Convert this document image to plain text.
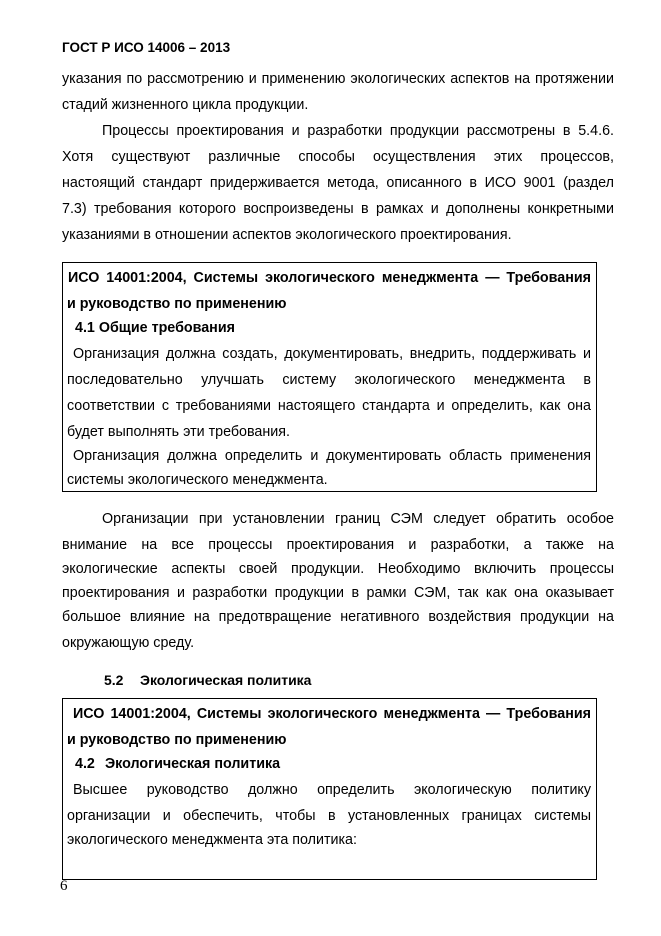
ГОСТ Р ИСО 14006 – 2013
указания по рассмотрению и применению экологических аспектов на протяжении
стадий жизненного цикла продукции.
Процессы проектирования и разработки продукции рассмотрены в 5.4.6.
Хотя существуют различные способы осуществления этих процессов,
настоящий стандарт придерживается метода, описанного в ИСО 9001 (раздел
7.3) требования которого воспроизведены в рамках и дополнены конкретными
указаниями в отношении аспектов экологического проектирования.
ИСО 14001:2004, Системы экологического менеджмента — Требования
и руководство по применению
4.1 Общие требования
Организация должна создать, документировать, внедрить, поддерживать и
последовательно улучшать систему экологического менеджмента в
соответствии с требованиями настоящего стандарта и определить, как она
будет выполнять эти требования.
Организация должна определить и документировать область применения
системы экологического менеджмента.
Организации при установлении границ СЭМ следует обратить особое
внимание на все процессы проектирования и разработки, а также на
экологические аспекты своей продукции. Необходимо включить процессы
проектирования и разработки продукции в рамки СЭМ, так как она оказывает
большое влияние на предотвращение негативного воздействия продукции на
окружающую среду.
5.2 Экологическая политика
ИСО 14001:2004, Системы экологического менеджмента — Требования
и руководство по применению
4.2 Экологическая политика
Высшее руководство должно определить экологическую политику
организации и обеспечить, чтобы в установленных границах системы
экологического менеджмента эта политика:
6
